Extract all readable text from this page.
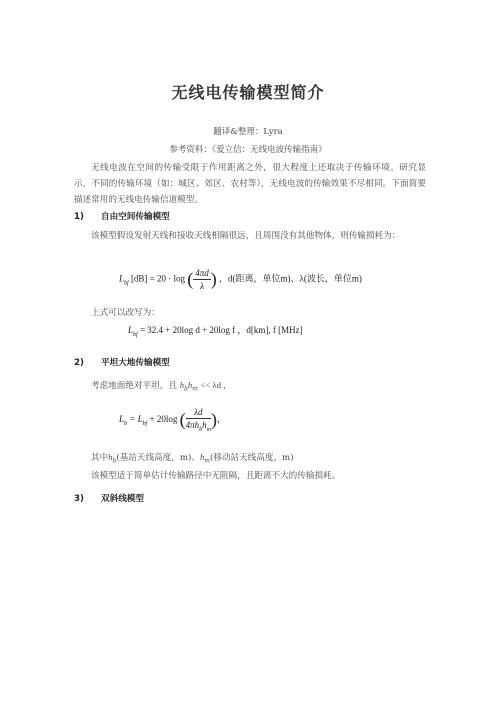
无线电传输模型简介
翻译&整理：Lyra
参考资料：《爱立信：无线电波传输指南》
无线电波在空间的传输受限于作用距离之外，很大程度上还取决于传输环境。研究显示，不同的传输环境（如：城区、郊区、农村等），无线电波的传输效果不尽相同。下面简要描述常用的无线电传输信道模型。
1) 自由空间传输模型
该模型假设发射天线和接收天线相隔很远，且周围没有其他物体，则传输损耗为：
$L_{bf}$ [dB] = 20 · log ( $\frac{4\pi d}{\lambda}$ ) ，d(距离，单位m)、λ(波长，单位m)
上式可以改写为：
$L_{bf} = 32.4 + 20\log$ d + 20log f ，d[km], f [MHz]
2) 平坦大地传输模型
考虑地面绝对平坦，且 $h_bh_m << \lambda d$ ，
$L_b = L_{bf} + 20\log$ ( $\frac{\lambda d}{4\pi h_bh_m}$ )，
其中$h_b$(基站天线高度，m)、$h_m$(移动站天线高度，m)
该模型适于简单估计传输路径中无阻隔，且距离不大的传输损耗。
3) 双斜线模型
